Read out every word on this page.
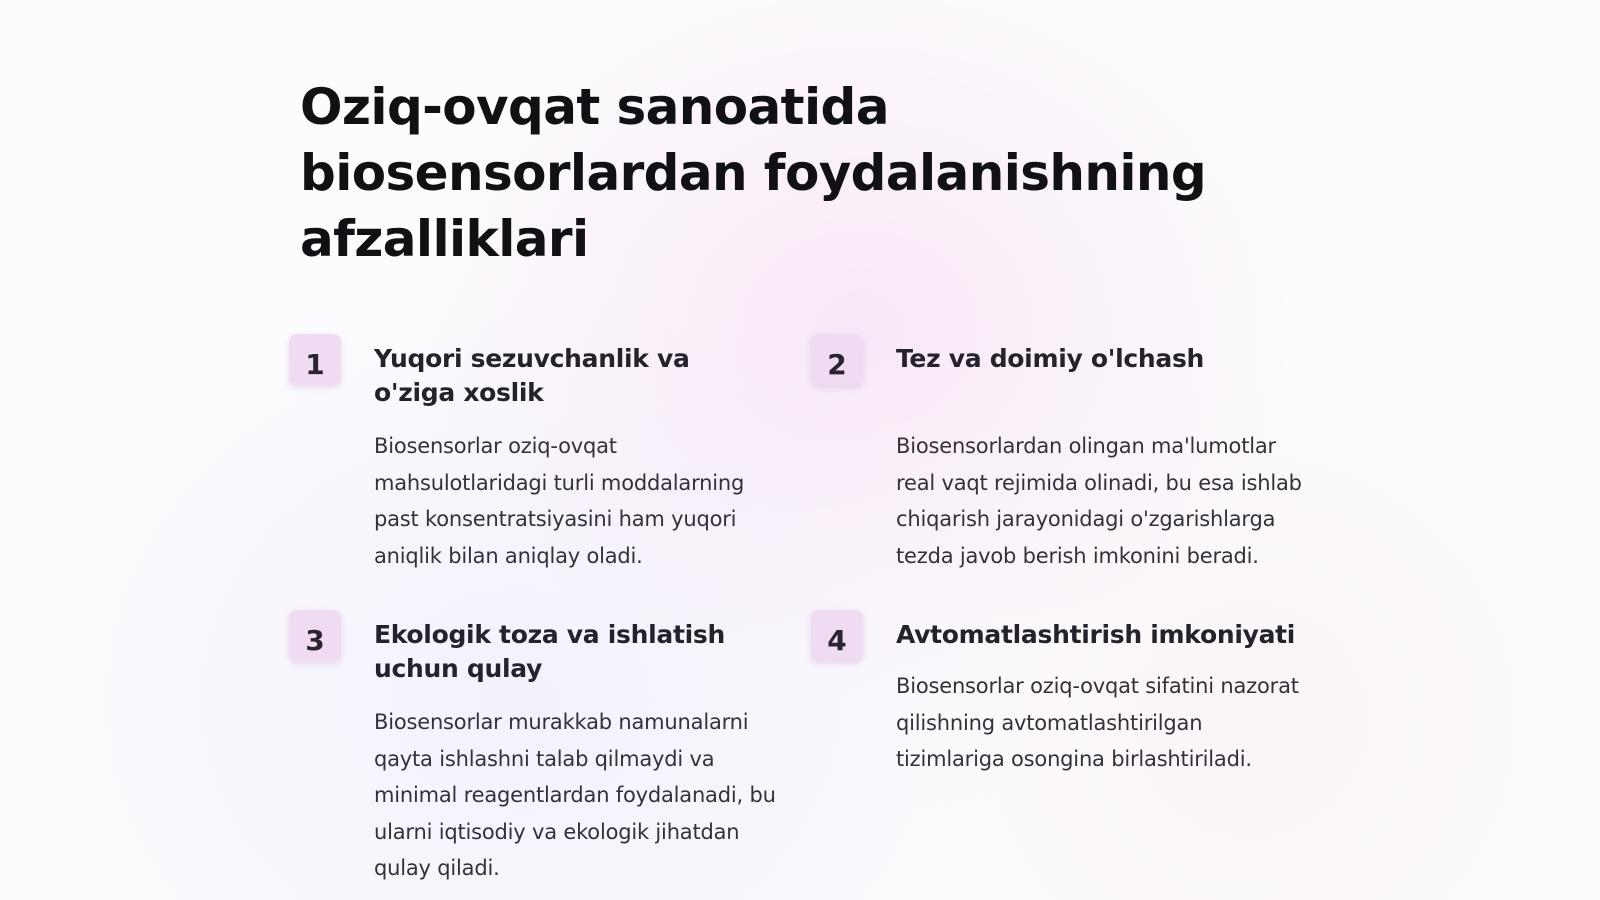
Oziq-ovqat sanoatida biosensorlardan foydalanishning afzalliklari
1 Yuqori sezuvchanlik va o'ziga xoslik

Biosensorlar oziq-ovqat mahsulotlaridagi turli moddalarning past konsentratsiyasini ham yuqori aniqlik bilan aniqlay oladi.

2 Tez va doimiy o'lchash

Biosensorlardan olingan ma'lumotlar real vaqt rejimida olinadi, bu esa ishlab chiqarish jarayonidagi o'zgarishlarga tezda javob berish imkonini beradi.

3 Ekologik toza va ishlatish uchun qulay

Biosensorlar murakkab namunalarni qayta ishlashni talab qilmaydi va minimal reagentlardan foydalanadi, bu ularni iqtisodiy va ekologik jihatdan qulay qiladi.

4 Avtomatlashtirish imkoniyati

Biosensorlar oziq-ovqat sifatini nazorat qilishning avtomatlashtirilgan tizimlariga osongina birlashtiriladi.
